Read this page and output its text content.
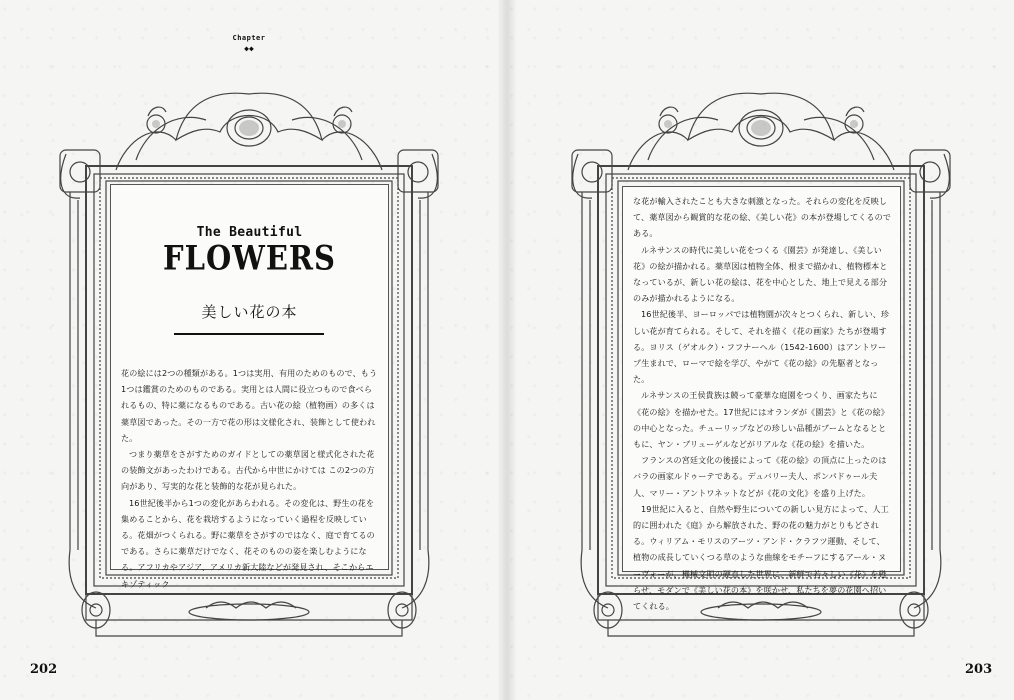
Chapter
◆◆
The Beautiful
FLOWERS
美しい花の本

花の絵には2つの種類がある。1つは実用、有用のためのもので、もう1つは鑑賞のためのものである。実用とは人間に役立つもので食べられるもの、特に薬になるものである。古い花の絵（植物画）の多くは薬草図であった。その一方で花の形は文様化され、装飾として使われた。

つまり薬草をさがすためのガイドとしての薬草図と様式化された花の装飾文があったわけである。古代から中世にかけては この2つの方向があり、写実的な花と装飾的な花が見られた。

16世紀後半から1つの変化があらわれる。その変化は、野生の花を集めることから、花を栽培するようになっていく過程を反映している。花畑がつくられる。野に薬草をさがすのではなく、庭で育てるのである。さらに薬草だけでなく、花そのものの姿を楽しむようになる。アフリカやアジア、アメリカ新大陸などが発見され、そこからエキゾティック

な花が輸入されたことも大きな刺激となった。それらの変化を反映して、薬草図から観賞的な花の絵、《美しい花》の本が登場してくるのである。

ルネサンスの時代に美しい花をつくる《園芸》が発達し、《美しい花》の絵が描かれる。薬草図は植物全体、根まで描かれ、植物標本となっているが、新しい花の絵は、花を中心とした、地上で見える部分のみが描かれるようになる。

16世紀後半、ヨーロッパでは植物園が次々とつくられ、新しい、珍しい花が育てられる。そして、それを描く《花の画家》たちが登場する。ヨリス（ゲオルク）・フフナーヘル（1542-1600）はアントワープ生まれで、ローマで絵を学び、やがて《花の絵》の先駆者となった。

ルネサンスの王侯貴族は競って豪華な庭園をつくり、画家たちに《花の絵》を描かせた。17世紀にはオランダが《園芸》と《花の絵》の中心となった。チューリップなどの珍しい品種がブームとなるとともに、ヤン・ブリューゲルなどがリアルな《花の絵》を描いた。

フランスの宮廷文化の後援によって《花の絵》の頂点に上ったのはバラの画家ルドゥーテである。デュバリー夫人、ポンパドゥール夫人、マリー・アントワネットなどが《花の文化》を盛り上げた。

19世紀に入ると、自然や野生についての新しい見方によって、人工的に囲われた《庭》から解放された、野の花の魅力がとりもどされる。ウィリアム・モリスのアーツ・アンド・クラフツ運動、そして、植物の成長していくつる草のような曲線をモチーフにするアール・ヌーヴォーが、機械文明の硬直した世界に、新鮮で若々しい《花》を甦らせ、モダンで《美しい花の本》を咲かせ、私たちを夢の花園へ招いてくれる。

202	203
